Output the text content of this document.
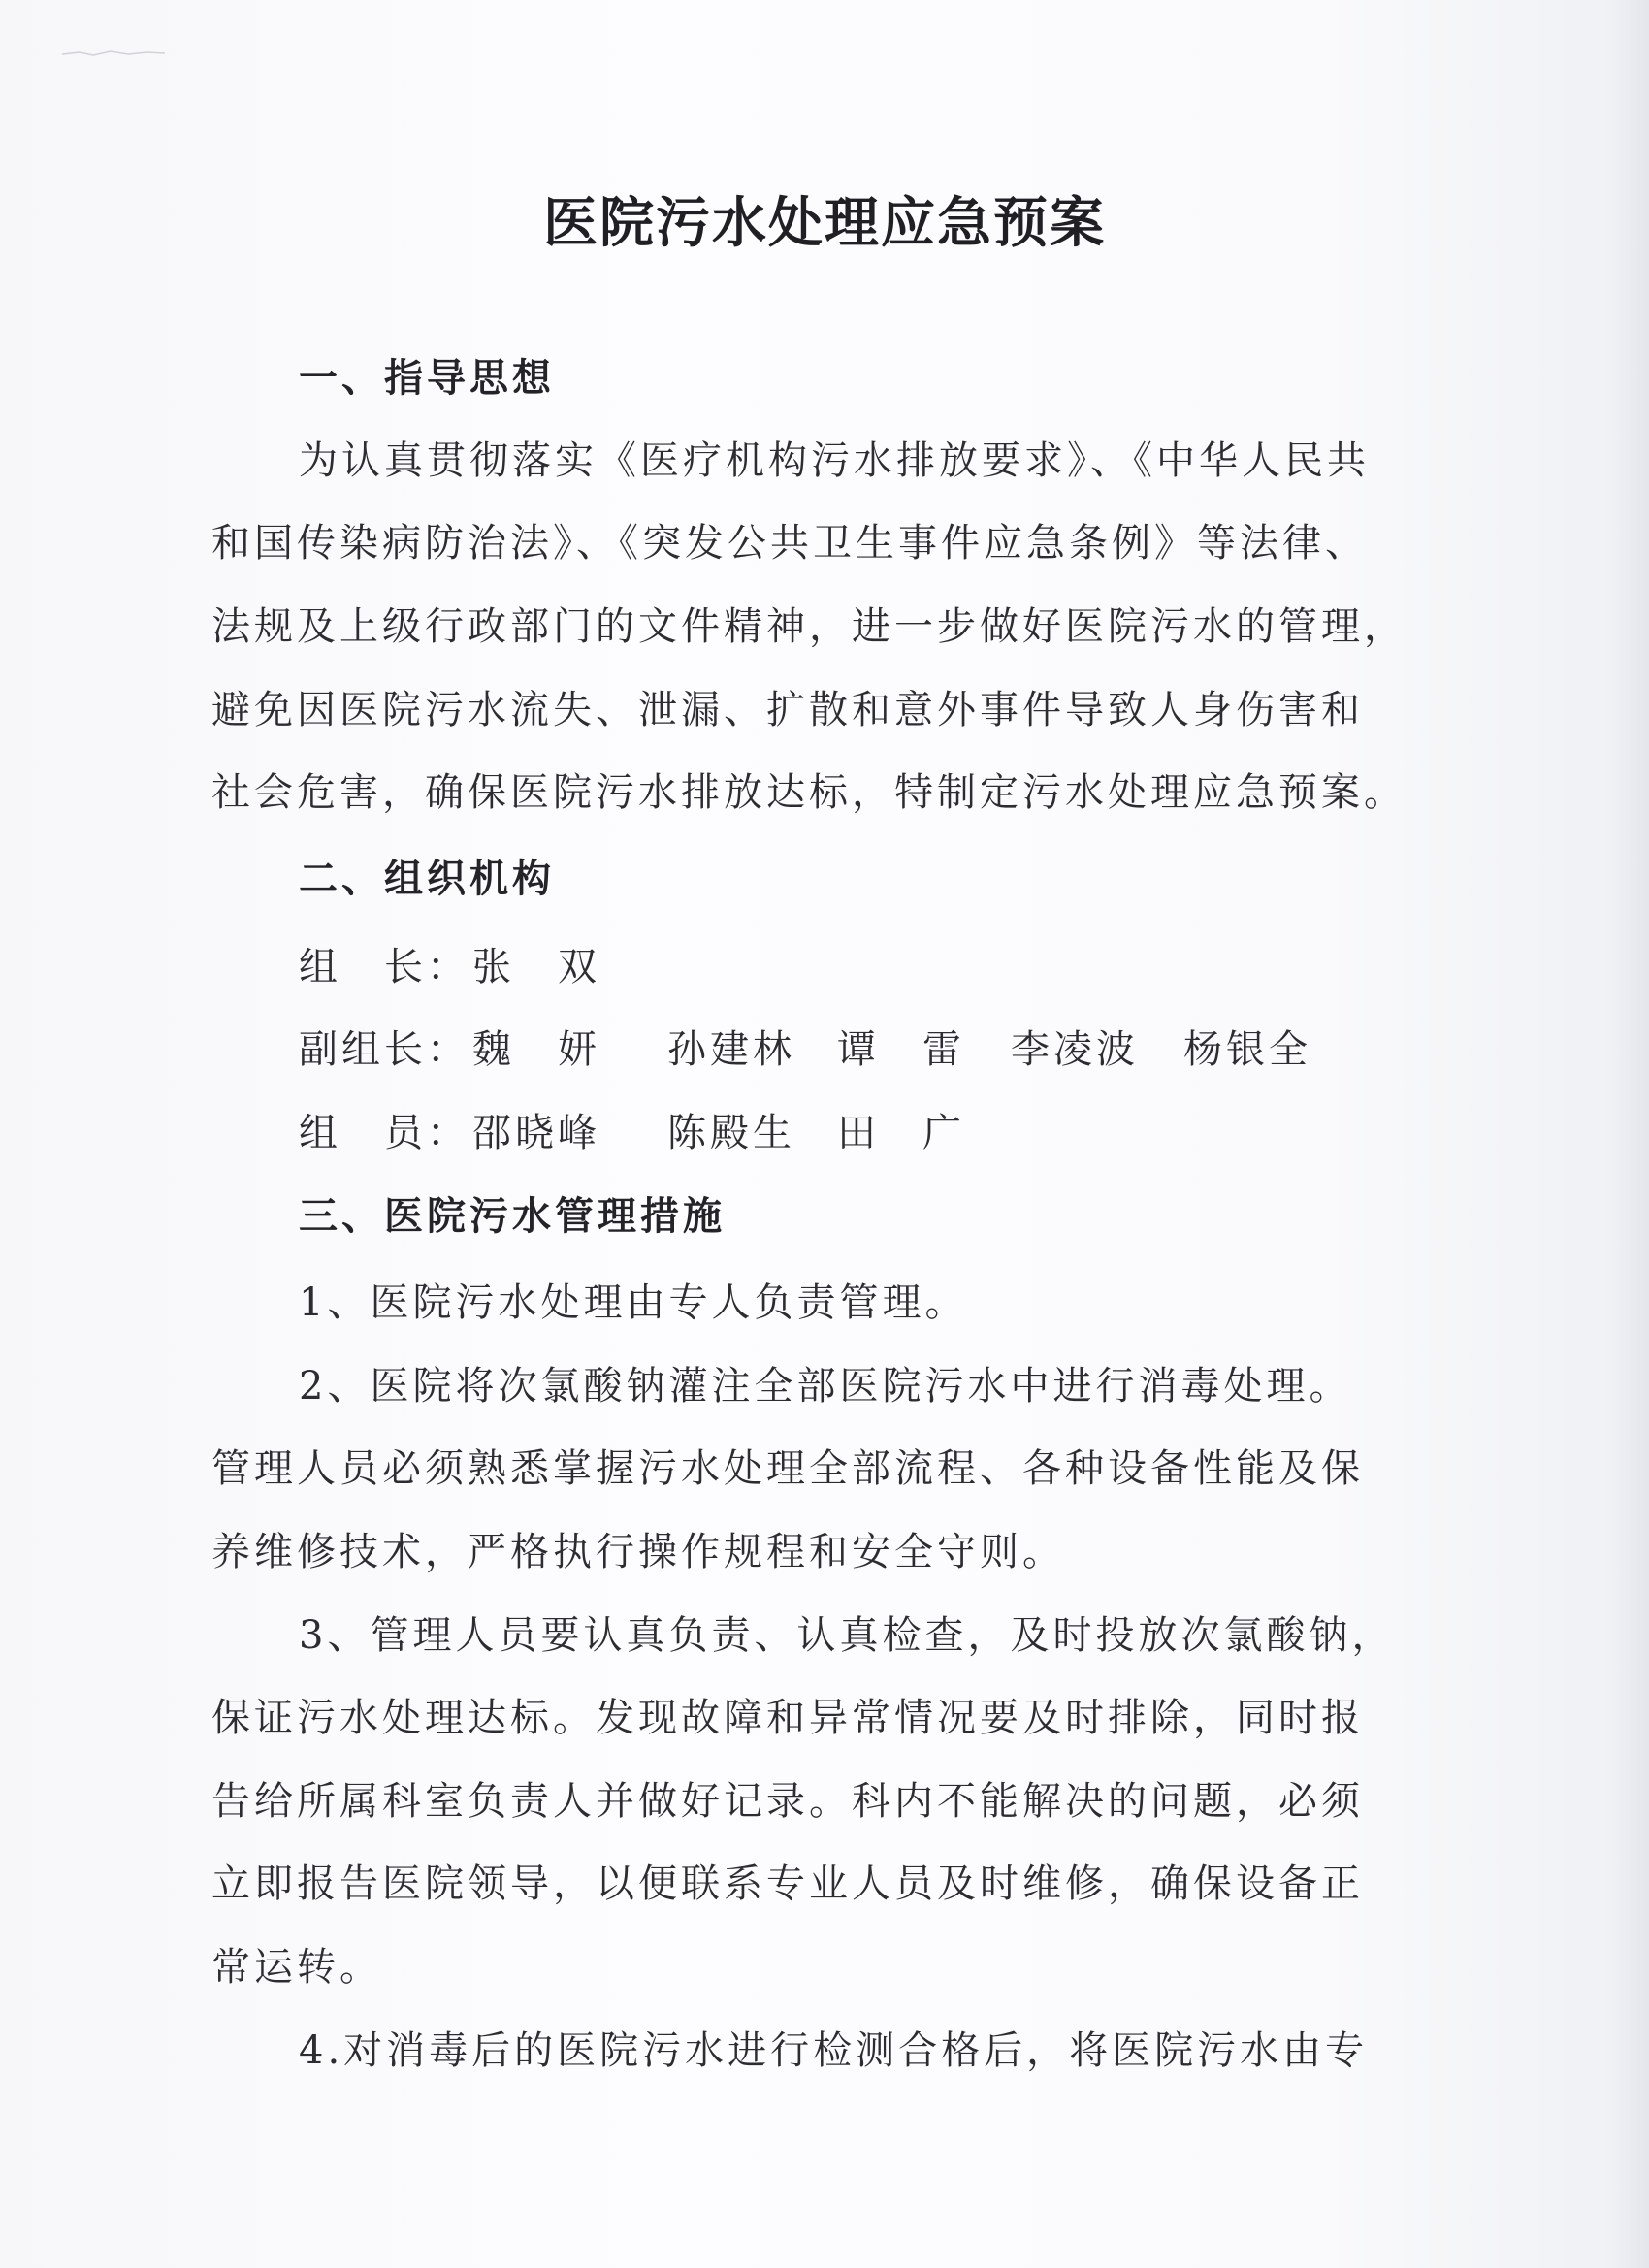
医院污水处理应急预案
一、指导思想
为认真贯彻落实《医疗机构污水排放要求》、《中华人民共
和国传染病防治法》、《突发公共卫生事件应急条例》等法律、
法规及上级行政部门的文件精神，进一步做好医院污水的管理，
避免因医院污水流失、泄漏、扩散和意外事件导致人身伤害和
社会危害，确保医院污水排放达标，特制定污水处理应急预案。
二、组织机构
组　长： 张　双
副组长： 魏　妍 孙建林 谭　雷 李凌波 杨银全
组　员： 邵晓峰 陈殿生 田　广
三、医院污水管理措施
1、医院污水处理由专人负责管理。
2、医院将次氯酸钠灌注全部医院污水中进行消毒处理。
管理人员必须熟悉掌握污水处理全部流程、各种设备性能及保
养维修技术，严格执行操作规程和安全守则。
3、管理人员要认真负责、认真检查，及时投放次氯酸钠，
保证污水处理达标。发现故障和异常情况要及时排除，同时报
告给所属科室负责人并做好记录。科内不能解决的问题，必须
立即报告医院领导，以便联系专业人员及时维修，确保设备正
常运转。
4.对消毒后的医院污水进行检测合格后，将医院污水由专
